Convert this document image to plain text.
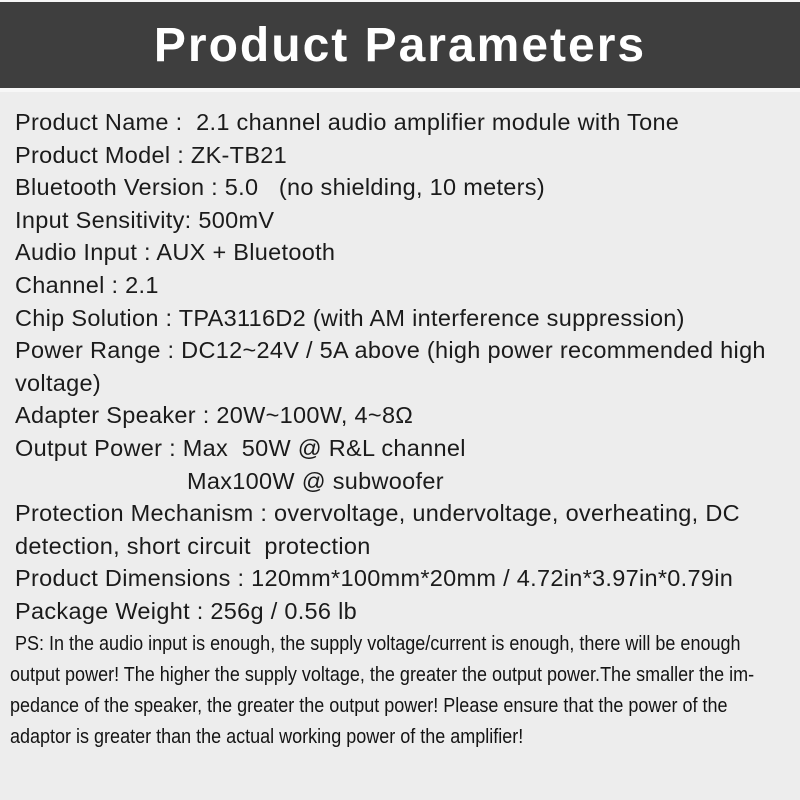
Product Parameters
Product Name :  2.1 channel audio amplifier module with Tone
Product Model : ZK-TB21
Bluetooth Version : 5.0   (no shielding, 10 meters)
Input Sensitivity: 500mV
Audio Input : AUX + Bluetooth
Channel : 2.1
Chip Solution : TPA3116D2 (with AM interference suppression)
Power Range : DC12~24V / 5A above (high power recommended high
voltage)
Adapter Speaker : 20W~100W, 4~8Ω
Output Power : Max  50W @ R&L channel
Max100W @ subwoofer
Protection Mechanism : overvoltage, undervoltage, overheating, DC
detection, short circuit  protection
Product Dimensions : 120mm*100mm*20mm / 4.72in*3.97in*0.79in
Package Weight : 256g / 0.56 lb
PS: In the audio input is enough, the supply voltage/current is enough, there will be enough
output power! The higher the supply voltage, the greater the output power.The smaller the im-
pedance of the speaker, the greater the output power! Please ensure that the power of the
adaptor is greater than the actual working power of the amplifier!
